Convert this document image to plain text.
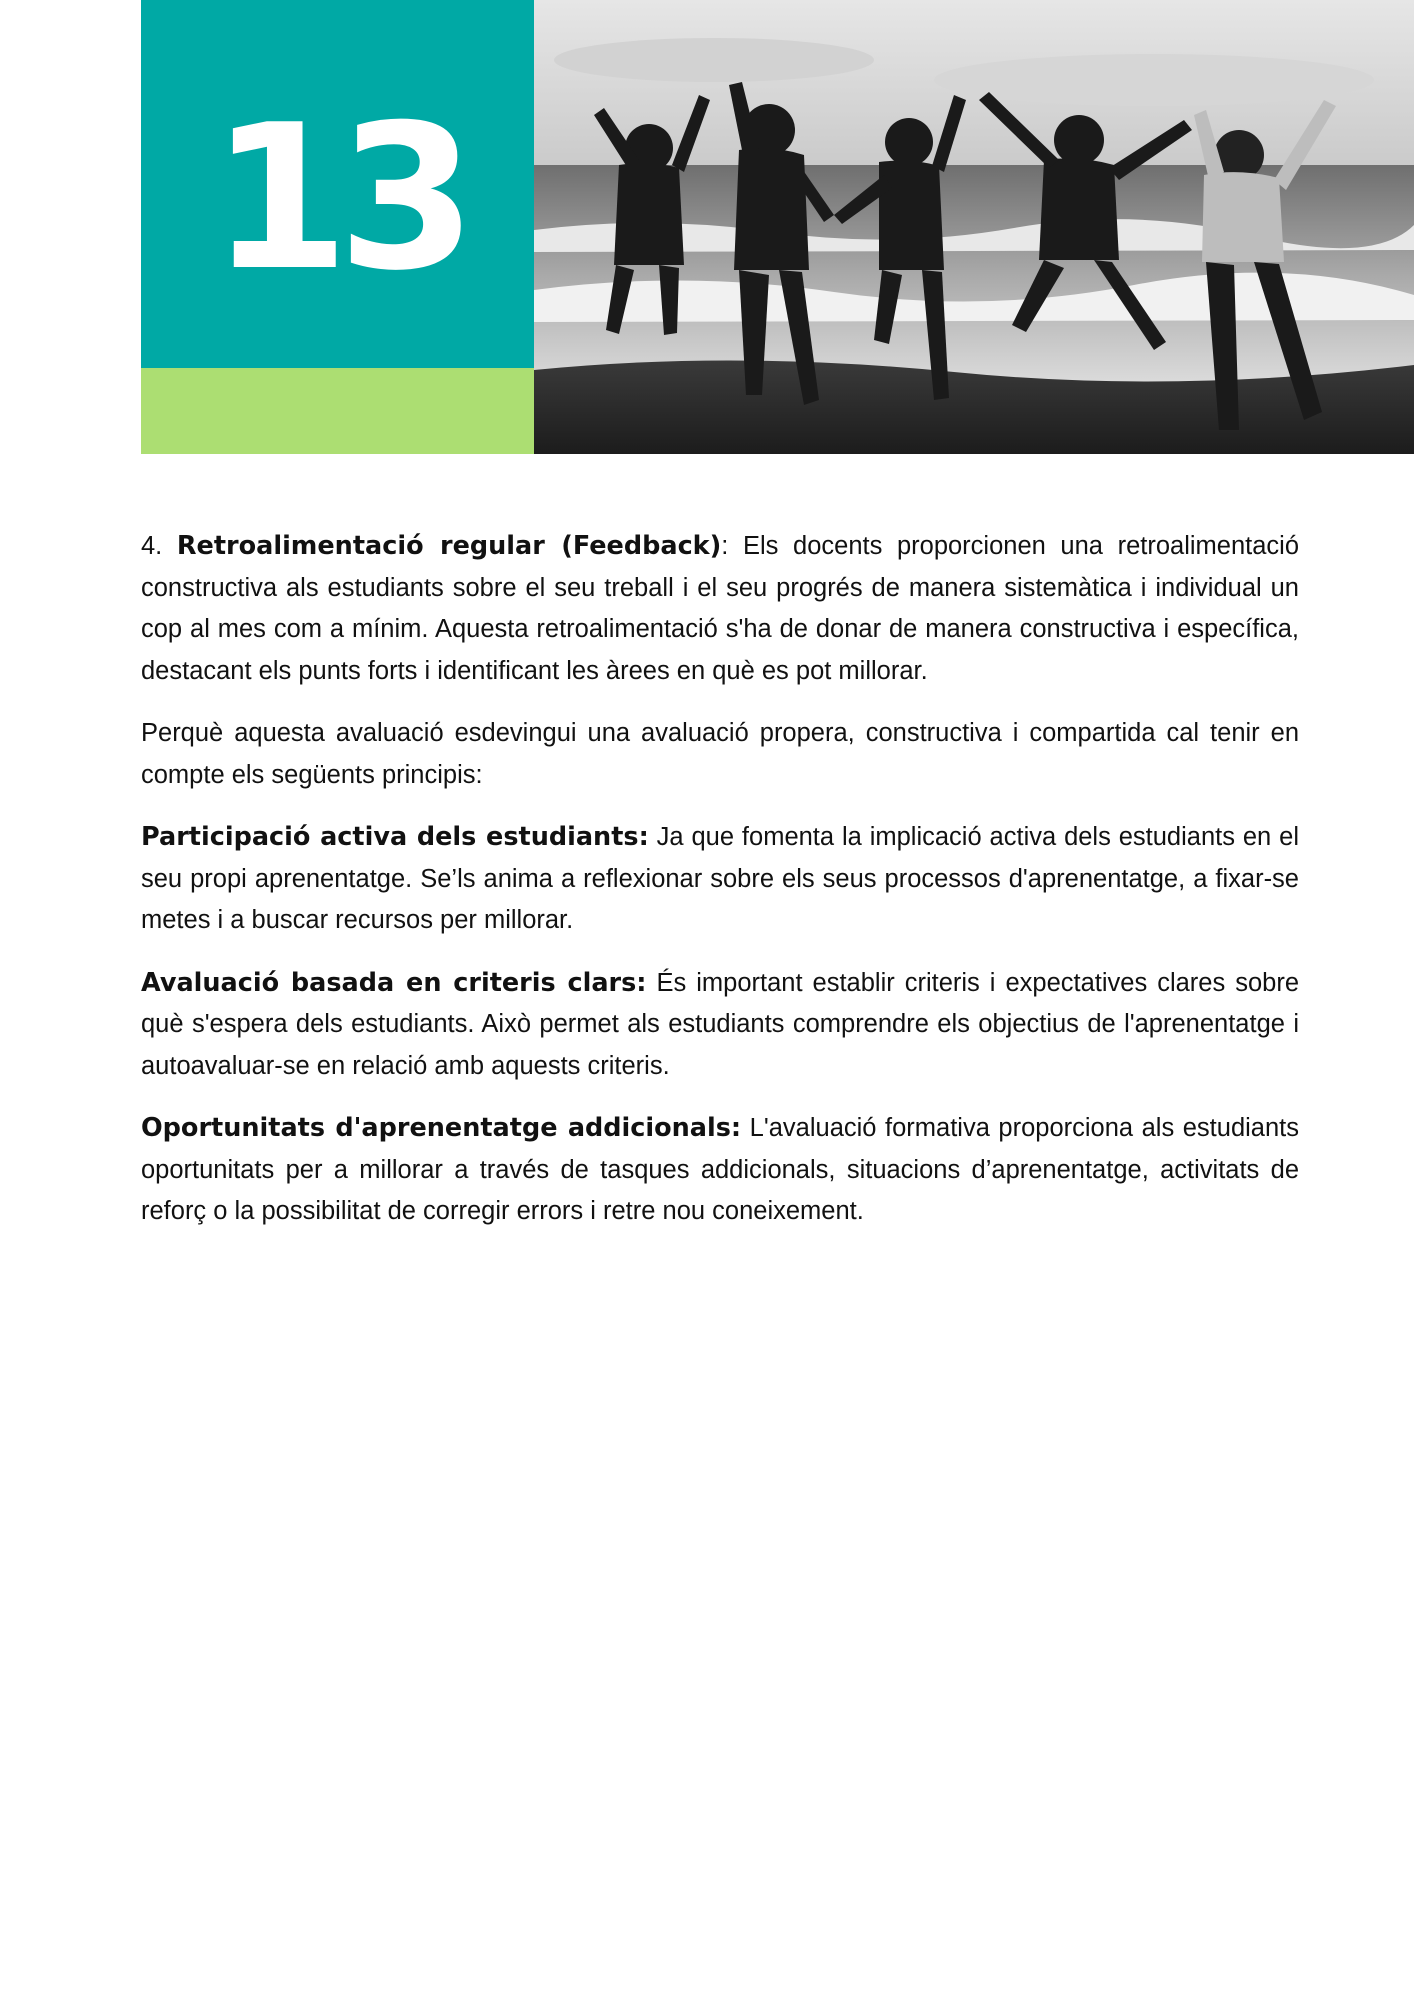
13

4. Retroalimentació regular (Feedback): Els docents proporcionen una retroalimentació constructiva als estudiants sobre el seu treball i el seu progrés de manera sistemàtica i individual un cop al mes com a mínim. Aquesta retroalimentació s'ha de donar de manera constructiva i específica, destacant els punts forts i identificant les àrees en què es pot millorar.

Perquè aquesta avaluació esdevingui una avaluació propera, constructiva i compartida cal tenir en compte els següents principis:

Participació activa dels estudiants: Ja que fomenta la implicació activa dels estudiants en el seu propi aprenentatge. Se’ls anima a reflexionar sobre els seus processos d'aprenentatge, a fixar-se metes i a buscar recursos per millorar.

Avaluació basada en criteris clars: És important establir criteris i expectatives clares sobre què s'espera dels estudiants. Això permet als estudiants comprendre els objectius de l'aprenentatge i autoavaluar-se en relació amb aquests criteris.

Oportunitats d'aprenentatge addicionals: L'avaluació formativa proporciona als estudiants oportunitats per a millorar a través de tasques addicionals, situacions d’aprenentatge, activitats de reforç o la possibilitat de corregir errors i retre nou coneixement.
